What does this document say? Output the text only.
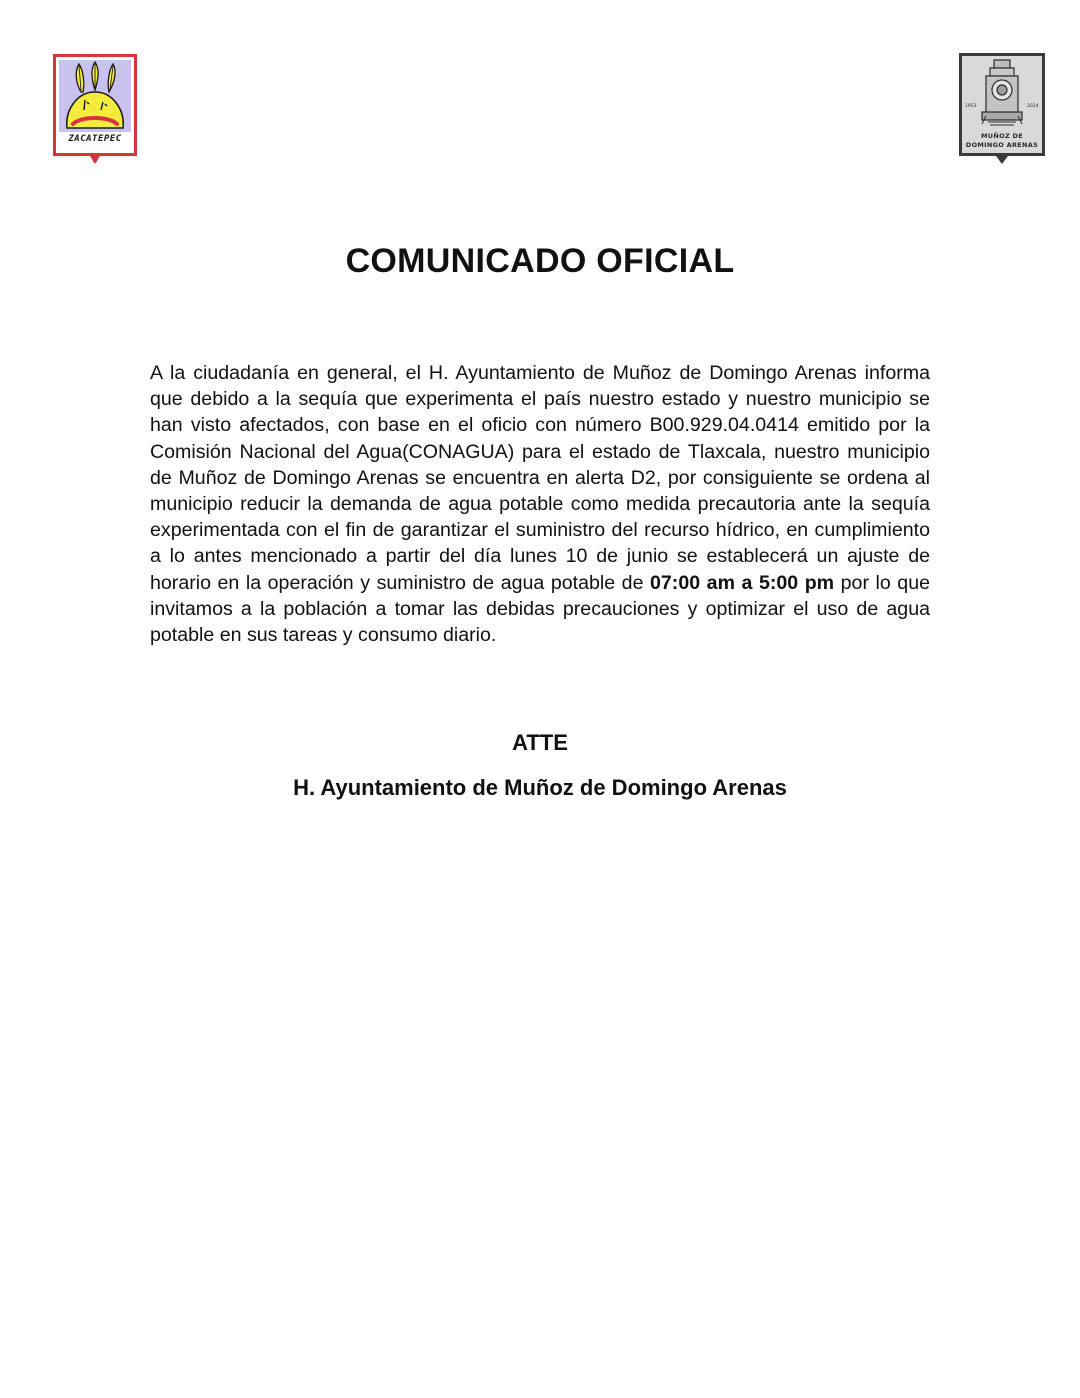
ZACATEPEC
1953	2024
MUÑOZ DE
DOMINGO ARENAS
COMUNICADO OFICIAL

A la ciudadanía en general, el H. Ayuntamiento de Muñoz de Domingo Arenas informa que debido a la sequía que experimenta el país nuestro estado y nuestro municipio se han visto afectados, con base en el oficio con número B00.929.04.0414 emitido por la Comisión Nacional del Agua(CONAGUA) para el estado de Tlaxcala, nuestro municipio de Muñoz de Domingo Arenas se encuentra en alerta D2, por consiguiente se ordena al municipio reducir la demanda de agua potable como medida precautoria ante la sequía experimentada con el fin de garantizar el suministro del recurso hídrico, en cumplimiento a lo antes mencionado a partir del día lunes 10 de junio se establecerá un ajuste de horario en la operación y suministro de agua potable de 07:00 am a 5:00 pm por lo que invitamos a la población a tomar las debidas precauciones y optimizar el uso de agua potable en sus tareas y consumo diario.

ATTE
H. Ayuntamiento de Muñoz de Domingo Arenas
